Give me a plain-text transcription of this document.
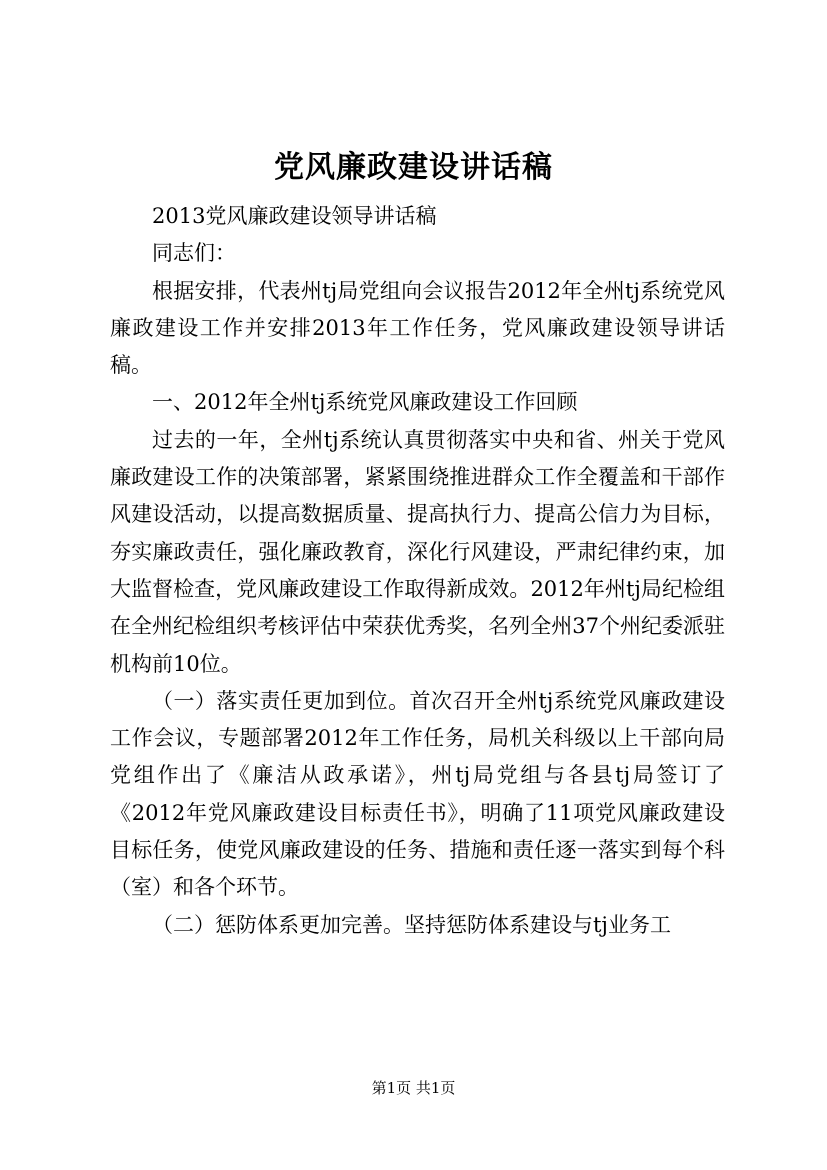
党风廉政建设讲话稿

2013党风廉政建设领导讲话稿

同志们：

根据安排，代表州tj局党组向会议报告2012年全州tj系统党风廉政建设工作并安排2013年工作任务，党风廉政建设领导讲话稿。

一、2012年全州tj系统党风廉政建设工作回顾

过去的一年，全州tj系统认真贯彻落实中央和省、州关于党风廉政建设工作的决策部署，紧紧围绕推进群众工作全覆盖和干部作风建设活动，以提高数据质量、提高执行力、提高公信力为目标，夯实廉政责任，强化廉政教育，深化行风建设，严肃纪律约束，加大监督检查，党风廉政建设工作取得新成效。2012年州tj局纪检组在全州纪检组织考核评估中荣获优秀奖，名列全州37个州纪委派驻机构前10位。

（一）落实责任更加到位。首次召开全州tj系统党风廉政建设工作会议，专题部署2012年工作任务，局机关科级以上干部向局党组作出了《廉洁从政承诺》，州tj局党组与各县tj局签订了《2012年党风廉政建设目标责任书》，明确了11项党风廉政建设目标任务，使党风廉政建设的任务、措施和责任逐一落实到每个科（室）和各个环节。

（二）惩防体系更加完善。坚持惩防体系建设与tj业务工

第1页 共1页
